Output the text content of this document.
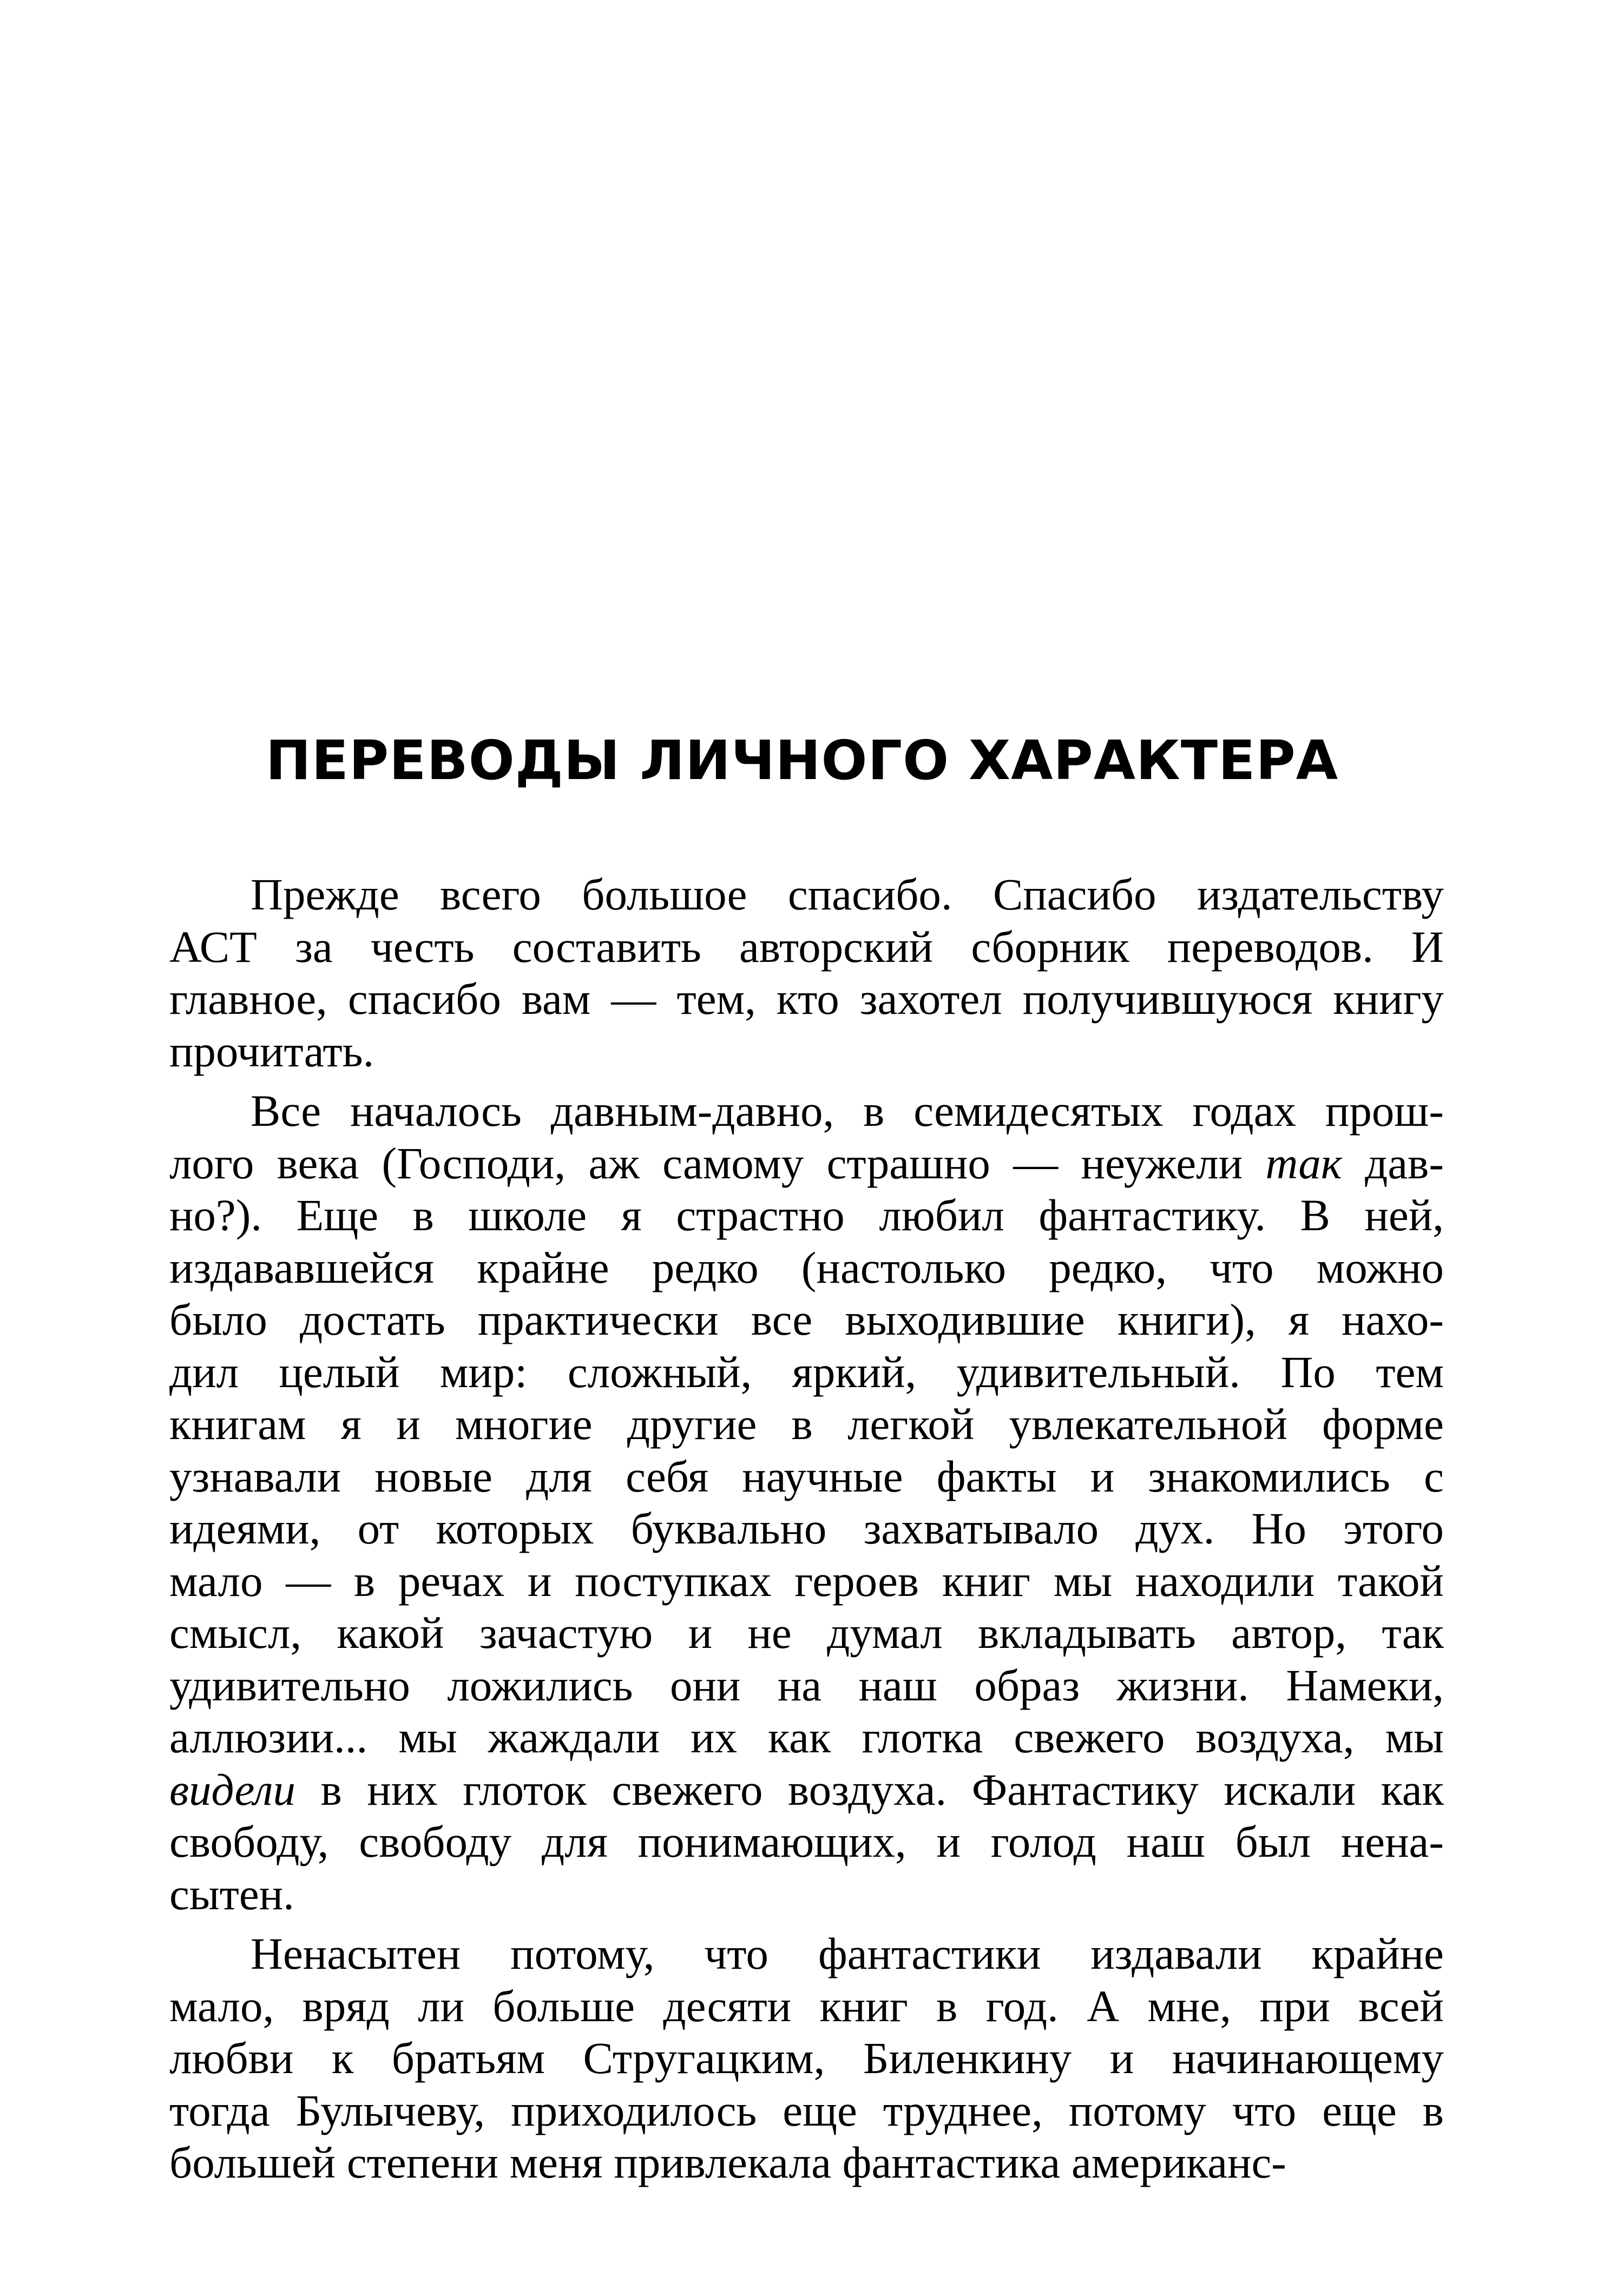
ПЕРЕВОДЫ ЛИЧНОГО ХАРАКТЕРА
Прежде всего большое спасибо. Спасибо издательству
АСТ за честь составить авторский сборник переводов. И
главное, спасибо вам — тем, кто захотел получившуюся книгу
прочитать.
Все началось давным-давно, в семидесятых годах прош-
лого века (Господи, аж самому страшно — неужели так дав-
но?). Еще в школе я страстно любил фантастику. В ней,
издававшейся крайне редко (настолько редко, что можно
было достать практически все выходившие книги), я нахо-
дил целый мир: сложный, яркий, удивительный. По тем
книгам я и многие другие в легкой увлекательной форме
узнавали новые для себя научные факты и знакомились с
идеями, от которых буквально захватывало дух. Но этого
мало — в речах и поступках героев книг мы находили такой
смысл, какой зачастую и не думал вкладывать автор, так
удивительно ложились они на наш образ жизни. Намеки,
аллюзии... мы жаждали их как глотка свежего воздуха, мы
видели в них глоток свежего воздуха. Фантастику искали как
свободу, свободу для понимающих, и голод наш был нена-
сытен.
Ненасытен потому, что фантастики издавали крайне
мало, вряд ли больше десяти книг в год. А мне, при всей
любви к братьям Стругацким, Биленкину и начинающему
тогда Булычеву, приходилось еще труднее, потому что еще в
большей степени меня привлекала фантастика американс-
